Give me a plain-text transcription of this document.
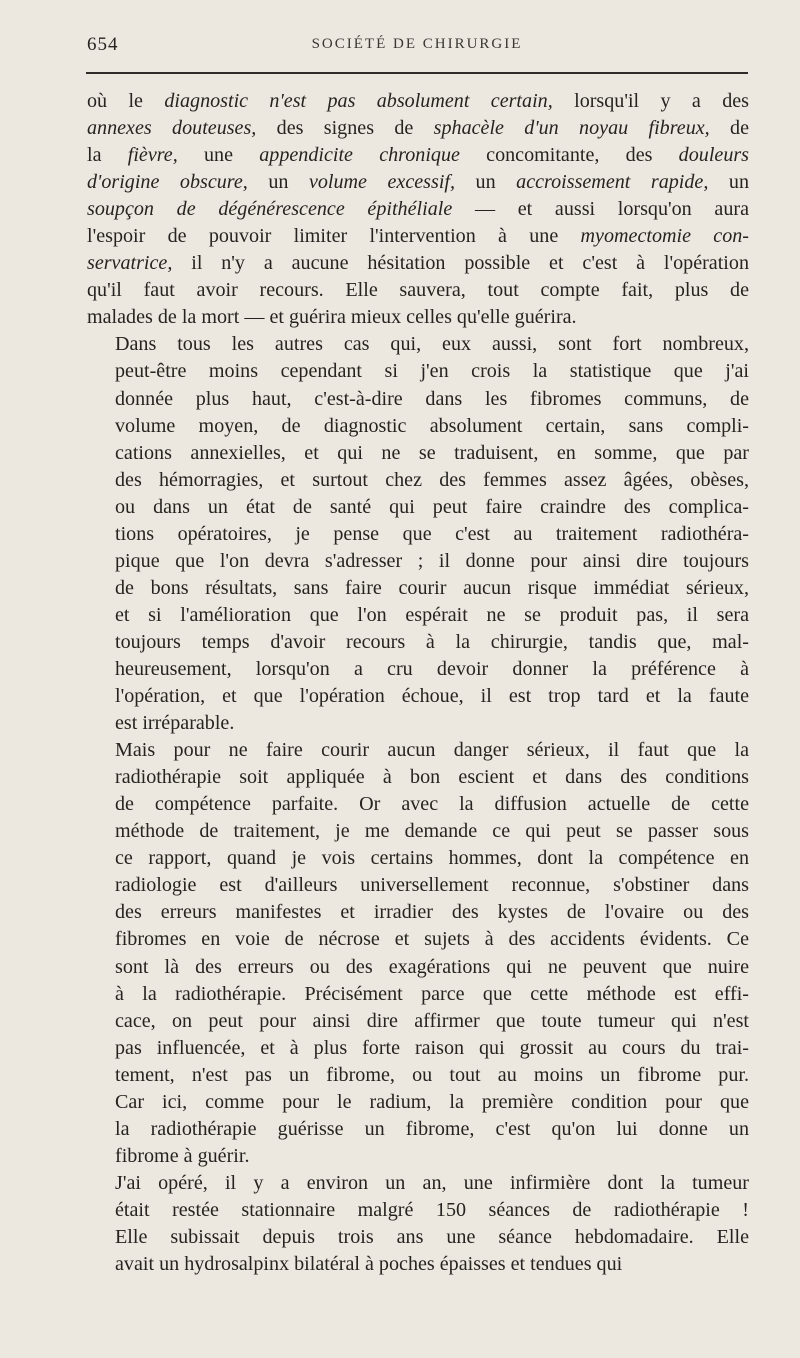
654	SOCIÉTÉ DE CHIRURGIE

où le diagnostic n'est pas absolument certain, lorsqu'il y a des
annexes douteuses, des signes de sphacèle d'un noyau fibreux, de
la fièvre, une appendicite chronique concomitante, des douleurs
d'origine obscure, un volume excessif, un accroissement rapide, un
soupçon de dégénérescence épithéliale — et aussi lorsqu'on aura
l'espoir de pouvoir limiter l'intervention à une myomectomie con-
servatrice, il n'y a aucune hésitation possible et c'est à l'opération
qu'il faut avoir recours. Elle sauvera, tout compte fait, plus de
malades de la mort — et guérira mieux celles qu'elle guérira.

Dans tous les autres cas qui, eux aussi, sont fort nombreux,
peut-être moins cependant si j'en crois la statistique que j'ai
donnée plus haut, c'est-à-dire dans les fibromes communs, de
volume moyen, de diagnostic absolument certain, sans compli-
cations annexielles, et qui ne se traduisent, en somme, que par
des hémorragies, et surtout chez des femmes assez âgées, obèses,
ou dans un état de santé qui peut faire craindre des complica-
tions opératoires, je pense que c'est au traitement radiothéra-
pique que l'on devra s'adresser ; il donne pour ainsi dire toujours
de bons résultats, sans faire courir aucun risque immédiat sérieux,
et si l'amélioration que l'on espérait ne se produit pas, il sera
toujours temps d'avoir recours à la chirurgie, tandis que, mal-
heureusement, lorsqu'on a cru devoir donner la préférence à
l'opération, et que l'opération échoue, il est trop tard et la faute
est irréparable.

Mais pour ne faire courir aucun danger sérieux, il faut que la
radiothérapie soit appliquée à bon escient et dans des conditions
de compétence parfaite. Or avec la diffusion actuelle de cette
méthode de traitement, je me demande ce qui peut se passer sous
ce rapport, quand je vois certains hommes, dont la compétence en
radiologie est d'ailleurs universellement reconnue, s'obstiner dans
des erreurs manifestes et irradier des kystes de l'ovaire ou des
fibromes en voie de nécrose et sujets à des accidents évidents. Ce
sont là des erreurs ou des exagérations qui ne peuvent que nuire
à la radiothérapie. Précisément parce que cette méthode est effi-
cace, on peut pour ainsi dire affirmer que toute tumeur qui n'est
pas influencée, et à plus forte raison qui grossit au cours du trai-
tement, n'est pas un fibrome, ou tout au moins un fibrome pur.
Car ici, comme pour le radium, la première condition pour que
la radiothérapie guérisse un fibrome, c'est qu'on lui donne un
fibrome à guérir.

J'ai opéré, il y a environ un an, une infirmière dont la tumeur
était restée stationnaire malgré 150 séances de radiothérapie !
Elle subissait depuis trois ans une séance hebdomadaire. Elle
avait un hydrosalpinx bilatéral à poches épaisses et tendues qui
